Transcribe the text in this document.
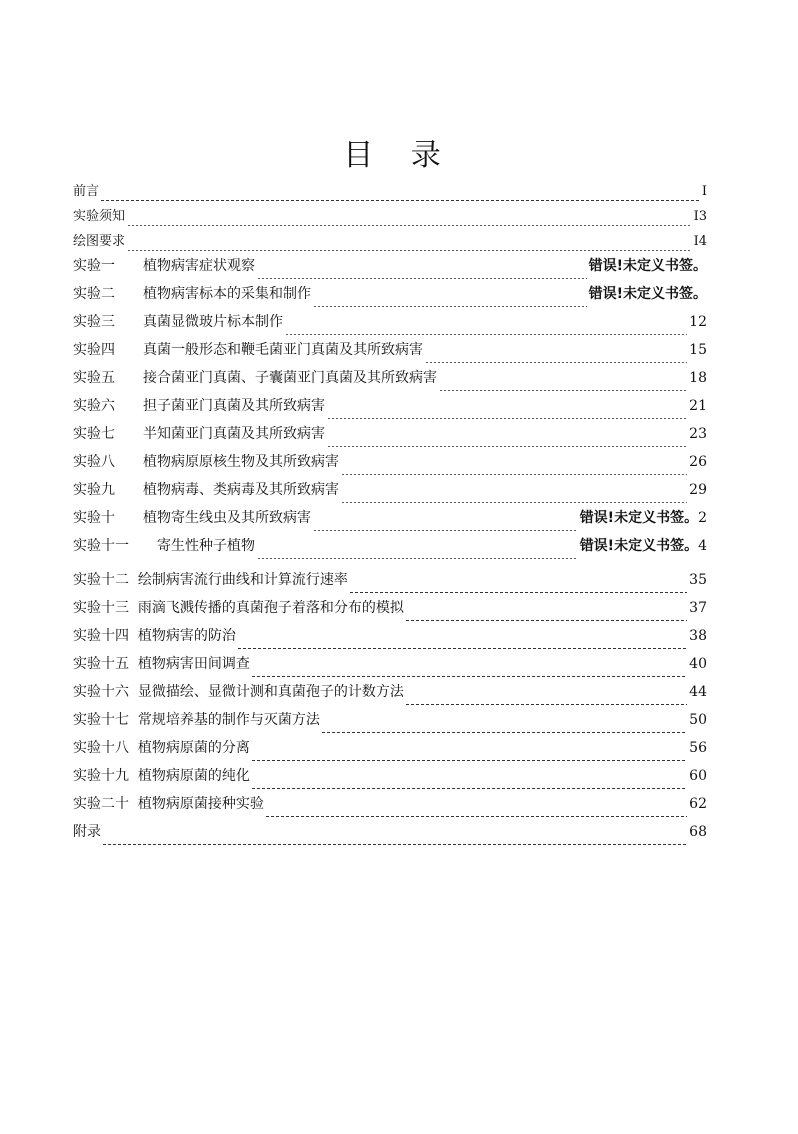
目 录
前言	I
实验须知	I3
绘图要求	I4
实验一 植物病害症状观察	错误!未定义书签。
实验二 植物病害标本的采集和制作	错误!未定义书签。
实验三 真菌显微玻片标本制作	12
实验四 真菌一般形态和鞭毛菌亚门真菌及其所致病害	15
实验五 接合菌亚门真菌、子囊菌亚门真菌及其所致病害	18
实验六 担子菌亚门真菌及其所致病害	21
实验七 半知菌亚门真菌及其所致病害	23
实验八 植物病原原核生物及其所致病害	26
实验九 植物病毒、类病毒及其所致病害	29
实验十 植物寄生线虫及其所致病害	错误!未定义书签。2
实验十一 寄生性种子植物	错误!未定义书签。4
实验十二 绘制病害流行曲线和计算流行速率	35
实验十三 雨滴飞溅传播的真菌孢子着落和分布的模拟	37
实验十四 植物病害的防治	38
实验十五 植物病害田间调查	40
实验十六 显微描绘、显微计测和真菌孢子的计数方法	44
实验十七 常规培养基的制作与灭菌方法	50
实验十八 植物病原菌的分离	56
实验十九 植物病原菌的纯化	60
实验二十 植物病原菌接种实验	62
附录	68
